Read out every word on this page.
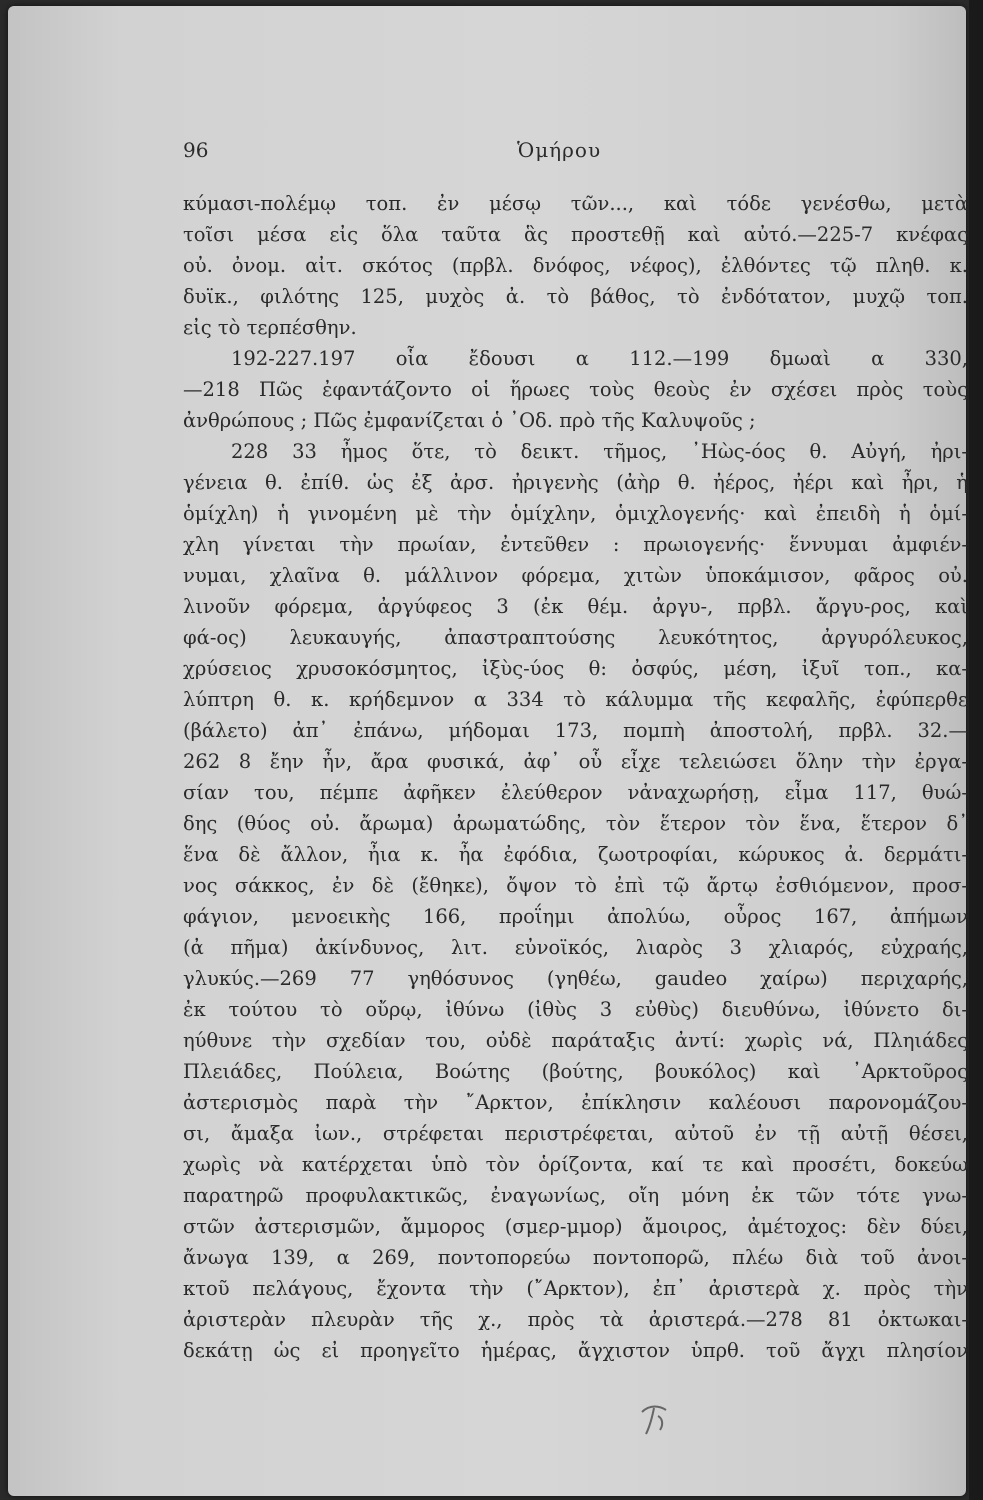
96	Ὁμήρου
κύμασι-πολέμῳ τοπ. ἐν μέσῳ τῶν..., καὶ τόδε γενέσθω, μετὰ
τοῖσι μέσα εἰς ὅλα ταῦτα ἃς προστεθῇ καὶ αὐτό.—225-7 κνέφας
οὐ. ὀνομ. αἰτ. σκότος (πρβλ. δνόφος, νέφος), ἐλθόντες τῷ πληθ. κ.
δυϊκ., φιλότης 125, μυχὸς ἀ. τὸ βάθος, τὸ ἐνδότατον, μυχῷ τοπ.
εἰς τὸ τερπέσθην.
192-227.197 οἷα ἔδουσι α 112.—199 δμωαὶ α 330,
—218 Πῶς ἐφαντάζοντο οἱ ἥρωες τοὺς θεοὺς ἐν σχέσει πρὸς τοὺς
ἀνθρώπους ; Πῶς ἐμφανίζεται ὁ ᾿Οδ. πρὸ τῆς Καλυψοῦς ;
228 33 ἦμος ὅτε, τὸ δεικτ. τῆμος, ᾿Ηὼς-όος θ. Αὐγή, ἠρι-
γένεια θ. ἐπίθ. ὡς ἐξ ἀρσ. ἠριγενὴς (ἀὴρ θ. ἠέρος, ἠέρι καὶ ἦρι, ἡ
ὁμίχλη) ἡ γινομένη μὲ τὴν ὁμίχλην, ὁμιχλογενής· καὶ ἐπειδὴ ἡ ὁμί-
χλη γίνεται τὴν πρωίαν, ἐντεῦθεν : πρωιογενής· ἕννυμαι ἀμφιέν-
νυμαι, χλαῖνα θ. μάλλινον φόρεμα, χιτὼν ὑποκάμισον, φᾶρος οὐ.
λινοῦν φόρεμα, ἀργύφεος 3 (ἐκ θέμ. ἀργυ-, πρβλ. ἄργυ-ρος, καὶ
φά-ος) λευκαυγής, ἀπαστραπτούσης λευκότητος, ἀργυρόλευκος,
χρύσειος χρυσοκόσμητος, ἰξὺς-ύος θ: ὀσφύς, μέση, ἰξυῖ τοπ., κα-
λύπτρη θ. κ. κρήδεμνον α 334 τὸ κάλυμμα τῆς κεφαλῆς, ἐφύπερθε
(βάλετο) ἀπ᾿ ἐπάνω, μήδομαι 173, πομπὴ ἀποστολή, πρβλ. 32.—
262 8 ἔην ἦν, ἄρα φυσικά, ἀφ᾿ οὗ εἶχε τελειώσει ὅλην τὴν ἐργα-
σίαν του, πέμπε ἀφῆκεν ἐλεύθερον νἀναχωρήσῃ, εἶμα 117, θυώ-
δης (θύος οὐ. ἄρωμα) ἀρωματώδης, τὸν ἕτερον τὸν ἕνα, ἕτερον δ᾿
ἕνα δὲ ἄλλον, ἦια κ. ἦα ἐφόδια, ζωοτροφίαι, κώρυκος ἀ. δερμάτι-
νος σάκκος, ἐν δὲ (ἔθηκε), ὄψον τὸ ἐπὶ τῷ ἄρτῳ ἐσθιόμενον, προσ-
φάγιον, μενοεικὴς 166, προΐημι ἀπολύω, οὖρος 167, ἀπήμων
(ἀ πῆμα) ἀκίνδυνος, λιτ. εὐνοϊκός, λιαρὸς 3 χλιαρός, εὐχραής,
γλυκύς.—269 77 γηθόσυνος (γηθέω, gaudeo χαίρω) περιχαρής,
ἐκ τούτου τὸ οὔρῳ, ἰθύνω (ἰθὺς 3 εὐθὺς) διευθύνω, ἰθύνετο δι-
ηύθυνε τὴν σχεδίαν του, οὐδὲ παράταξις ἀντί: χωρὶς νά, Πληιάδες
Πλειάδες, Πούλεια, Βοώτης (βούτης, βουκόλος) καὶ ᾿Αρκτοῦρος
ἀστερισμὸς παρὰ τὴν ῎Αρκτον, ἐπίκλησιν καλέουσι παρονομάζου-
σι, ἄμαξα ἰων., στρέφεται περιστρέφεται, αὐτοῦ ἐν τῇ αὐτῇ θέσει,
χωρὶς νὰ κατέρχεται ὑπὸ τὸν ὁρίζοντα, καί τε καὶ προσέτι, δοκεύω
παρατηρῶ προφυλακτικῶς, ἐναγωνίως, οἴη μόνη ἐκ τῶν τότε γνω-
στῶν ἀστερισμῶν, ἄμμορος (σμερ-μμορ) ἄμοιρος, ἀμέτοχος: δὲν δύει,
ἄνωγα 139, α 269, ποντοπορεύω ποντοπορῶ, πλέω διὰ τοῦ ἀνοι-
κτοῦ πελάγους, ἔχοντα τὴν (῎Αρκτον), ἐπ᾿ ἀριστερὰ χ. πρὸς τὴν
ἀριστερὰν πλευρὰν τῆς χ., πρὸς τὰ ἀριστερά.—278 81 ὀκτωκαι-
δεκάτῃ ὡς εἰ προηγεῖτο ἡμέρας, ἄγχιστον ὑπρθ. τοῦ ἄγχι πλησίον
